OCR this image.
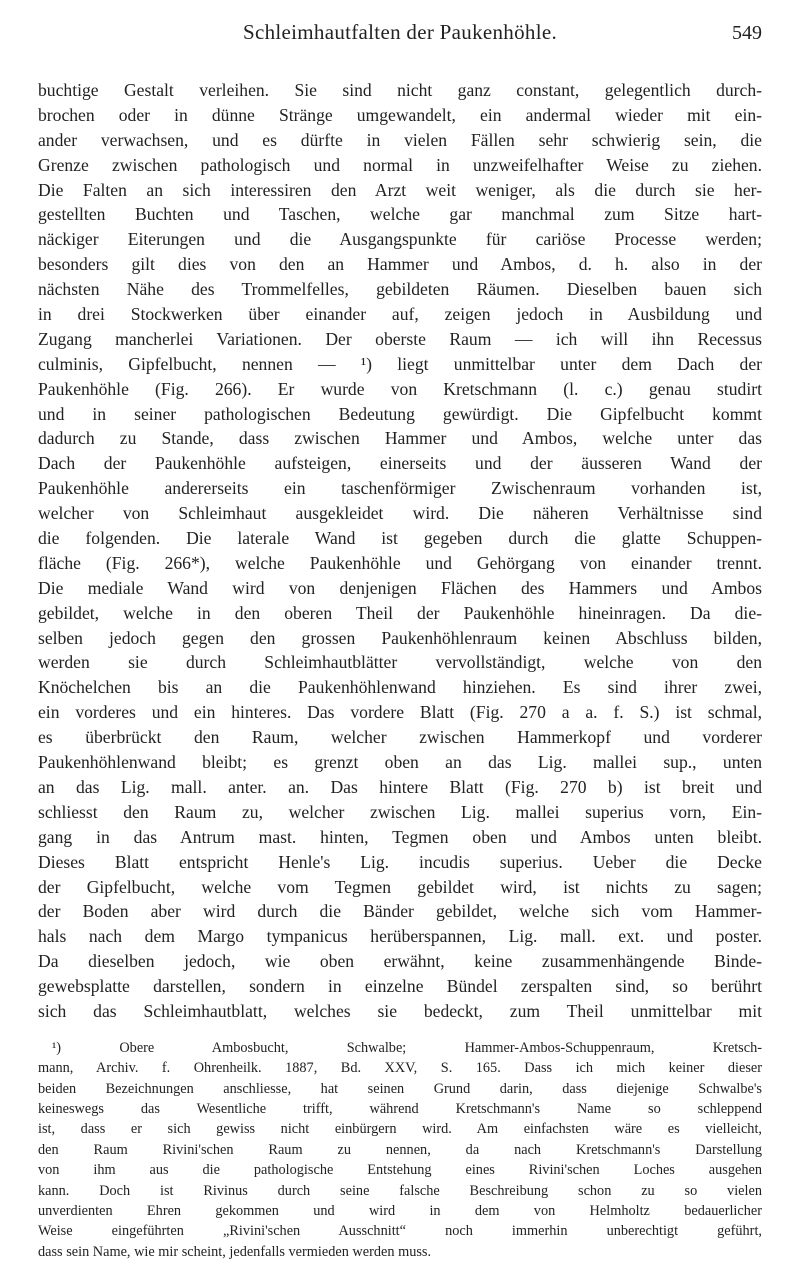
Schleimhautfalten der Paukenhöhle.	549
buchtige Gestalt verleihen. Sie sind nicht ganz constant, gelegentlich durch-
brochen oder in dünne Stränge umgewandelt, ein andermal wieder mit ein-
ander verwachsen, und es dürfte in vielen Fällen sehr schwierig sein, die
Grenze zwischen pathologisch und normal in unzweifelhafter Weise zu ziehen.
Die Falten an sich interessiren den Arzt weit weniger, als die durch sie her-
gestellten Buchten und Taschen, welche gar manchmal zum Sitze hart-
näckiger Eiterungen und die Ausgangspunkte für cariöse Processe werden;
besonders gilt dies von den an Hammer und Ambos, d. h. also in der
nächsten Nähe des Trommelfelles, gebildeten Räumen. Dieselben bauen sich
in drei Stockwerken über einander auf, zeigen jedoch in Ausbildung und
Zugang mancherlei Variationen. Der oberste Raum — ich will ihn Recessus
culminis, Gipfelbucht, nennen — ¹) liegt unmittelbar unter dem Dach der
Paukenhöhle (Fig. 266). Er wurde von Kretschmann (l. c.) genau studirt
und in seiner pathologischen Bedeutung gewürdigt. Die Gipfelbucht kommt
dadurch zu Stande, dass zwischen Hammer und Ambos, welche unter das
Dach der Paukenhöhle aufsteigen, einerseits und der äusseren Wand der
Paukenhöhle andererseits ein taschenförmiger Zwischenraum vorhanden ist,
welcher von Schleimhaut ausgekleidet wird. Die näheren Verhältnisse sind
die folgenden. Die laterale Wand ist gegeben durch die glatte Schuppen-
fläche (Fig. 266*), welche Paukenhöhle und Gehörgang von einander trennt.
Die mediale Wand wird von denjenigen Flächen des Hammers und Ambos
gebildet, welche in den oberen Theil der Paukenhöhle hineinragen. Da die-
selben jedoch gegen den grossen Paukenhöhlenraum keinen Abschluss bilden,
werden sie durch Schleimhautblätter vervollständigt, welche von den
Knöchelchen bis an die Paukenhöhlenwand hinziehen. Es sind ihrer zwei,
ein vorderes und ein hinteres. Das vordere Blatt (Fig. 270 a a. f. S.) ist schmal,
es überbrückt den Raum, welcher zwischen Hammerkopf und vorderer
Paukenhöhlenwand bleibt; es grenzt oben an das Lig. mallei sup., unten
an das Lig. mall. anter. an. Das hintere Blatt (Fig. 270 b) ist breit und
schliesst den Raum zu, welcher zwischen Lig. mallei superius vorn, Ein-
gang in das Antrum mast. hinten, Tegmen oben und Ambos unten bleibt.
Dieses Blatt entspricht Henle's Lig. incudis superius. Ueber die Decke
der Gipfelbucht, welche vom Tegmen gebildet wird, ist nichts zu sagen;
der Boden aber wird durch die Bänder gebildet, welche sich vom Hammer-
hals nach dem Margo tympanicus herüberspannen, Lig. mall. ext. und poster.
Da dieselben jedoch, wie oben erwähnt, keine zusammenhängende Binde-
gewebsplatte darstellen, sondern in einzelne Bündel zerspalten sind, so berührt
sich das Schleimhautblatt, welches sie bedeckt, zum Theil unmittelbar mit
¹) Obere Ambosbucht, Schwalbe; Hammer-Ambos-Schuppenraum, Kretsch-
mann, Archiv. f. Ohrenheilk. 1887, Bd. XXV, S. 165. Dass ich mich keiner dieser
beiden Bezeichnungen anschliesse, hat seinen Grund darin, dass diejenige Schwalbe's
keineswegs das Wesentliche trifft, während Kretschmann's Name so schleppend
ist, dass er sich gewiss nicht einbürgern wird. Am einfachsten wäre es vielleicht,
den Raum Rivini'schen Raum zu nennen, da nach Kretschmann's Darstellung
von ihm aus die pathologische Entstehung eines Rivini'schen Loches ausgehen
kann. Doch ist Rivinus durch seine falsche Beschreibung schon zu so vielen
unverdienten Ehren gekommen und wird in dem von Helmholtz bedauerlicher
Weise eingeführten „Rivini'schen Ausschnitt“ noch immerhin unberechtigt geführt,
dass sein Name, wie mir scheint, jedenfalls vermieden werden muss.
